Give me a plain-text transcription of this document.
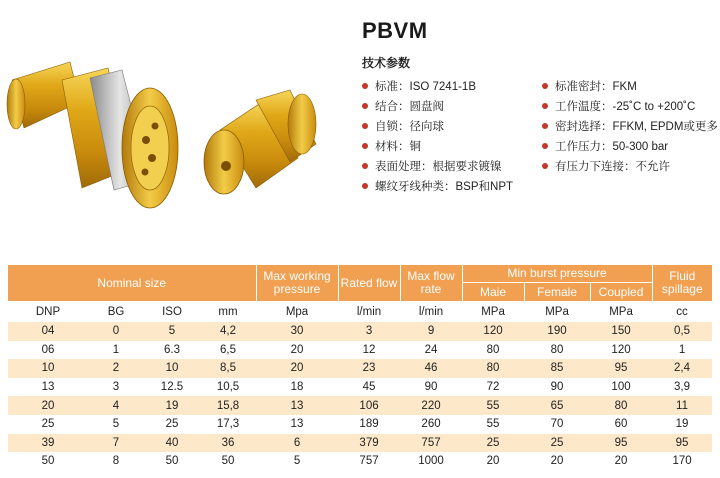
PBVM
技术参数
标准：ISO 7241-1B
结合：圆盘阀
自锁：径向球
材料：铜
表面处理：根据要求镀镍
螺纹牙线种类：BSP和NPT
标准密封：FKM
工作温度：-25˚C to +200˚C
密封选择：FFKM, EPDM或更多
工作压力：50-300 bar
有压力下连接：不允许
Nominal size				Max working pressure	Rated flow	Max flow rate	Min burst pressure			Fluid spillage
							Maie	Female	Coupled	
DNP	BG	ISO	mm	Mpa	l/min	l/min	MPa	MPa	MPa	cc
04	0	5	4,2	30	3	9	120	190	150	0,5
06	1	6.3	6,5	20	12	24	80	80	120	1
10	2	10	8,5	20	23	46	80	85	95	2,4
13	3	12.5	10,5	18	45	90	72	90	100	3,9
20	4	19	15,8	13	106	220	55	65	80	11
25	5	25	17,3	13	189	260	55	70	60	19
39	7	40	36	6	379	757	25	25	95	95
50	8	50	50	5	757	1000	20	20	20	170
